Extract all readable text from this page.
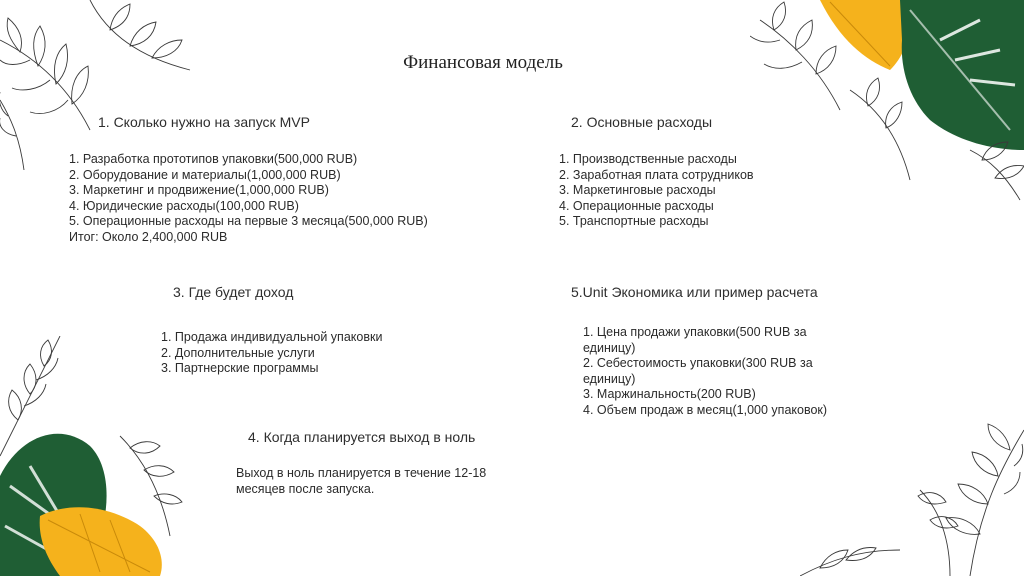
Финансовая модель
1. Сколько нужно на запуск MVP
1. Разработка прототипов упаковки(500,000 RUB)
2. Оборудование и материалы(1,000,000 RUB)
3. Маркетинг и продвижение(1,000,000 RUB)
4. Юридические расходы(100,000 RUB)
5. Операционные расходы на первые 3 месяца(500,000 RUB)
Итог: Около 2,400,000 RUB
2. Основные расходы
1. Производственные расходы
2. Заработная плата сотрудников
3. Маркетинговые расходы
4. Операционные расходы
5. Транспортные расходы
3. Где будет доход
1. Продажа индивидуальной упаковки
2. Дополнительные услуги
3. Партнерские программы
5.Unit Экономика или пример расчета
1. Цена продажи упаковки(500 RUB за единицу)
2. Себестоимость упаковки(300 RUB за единицу)
3. Маржинальность(200 RUB)
4. Объем продаж в месяц(1,000 упаковок)
4. Когда планируется выход в ноль
Выход в ноль планируется в течение 12-18
месяцев после запуска.
